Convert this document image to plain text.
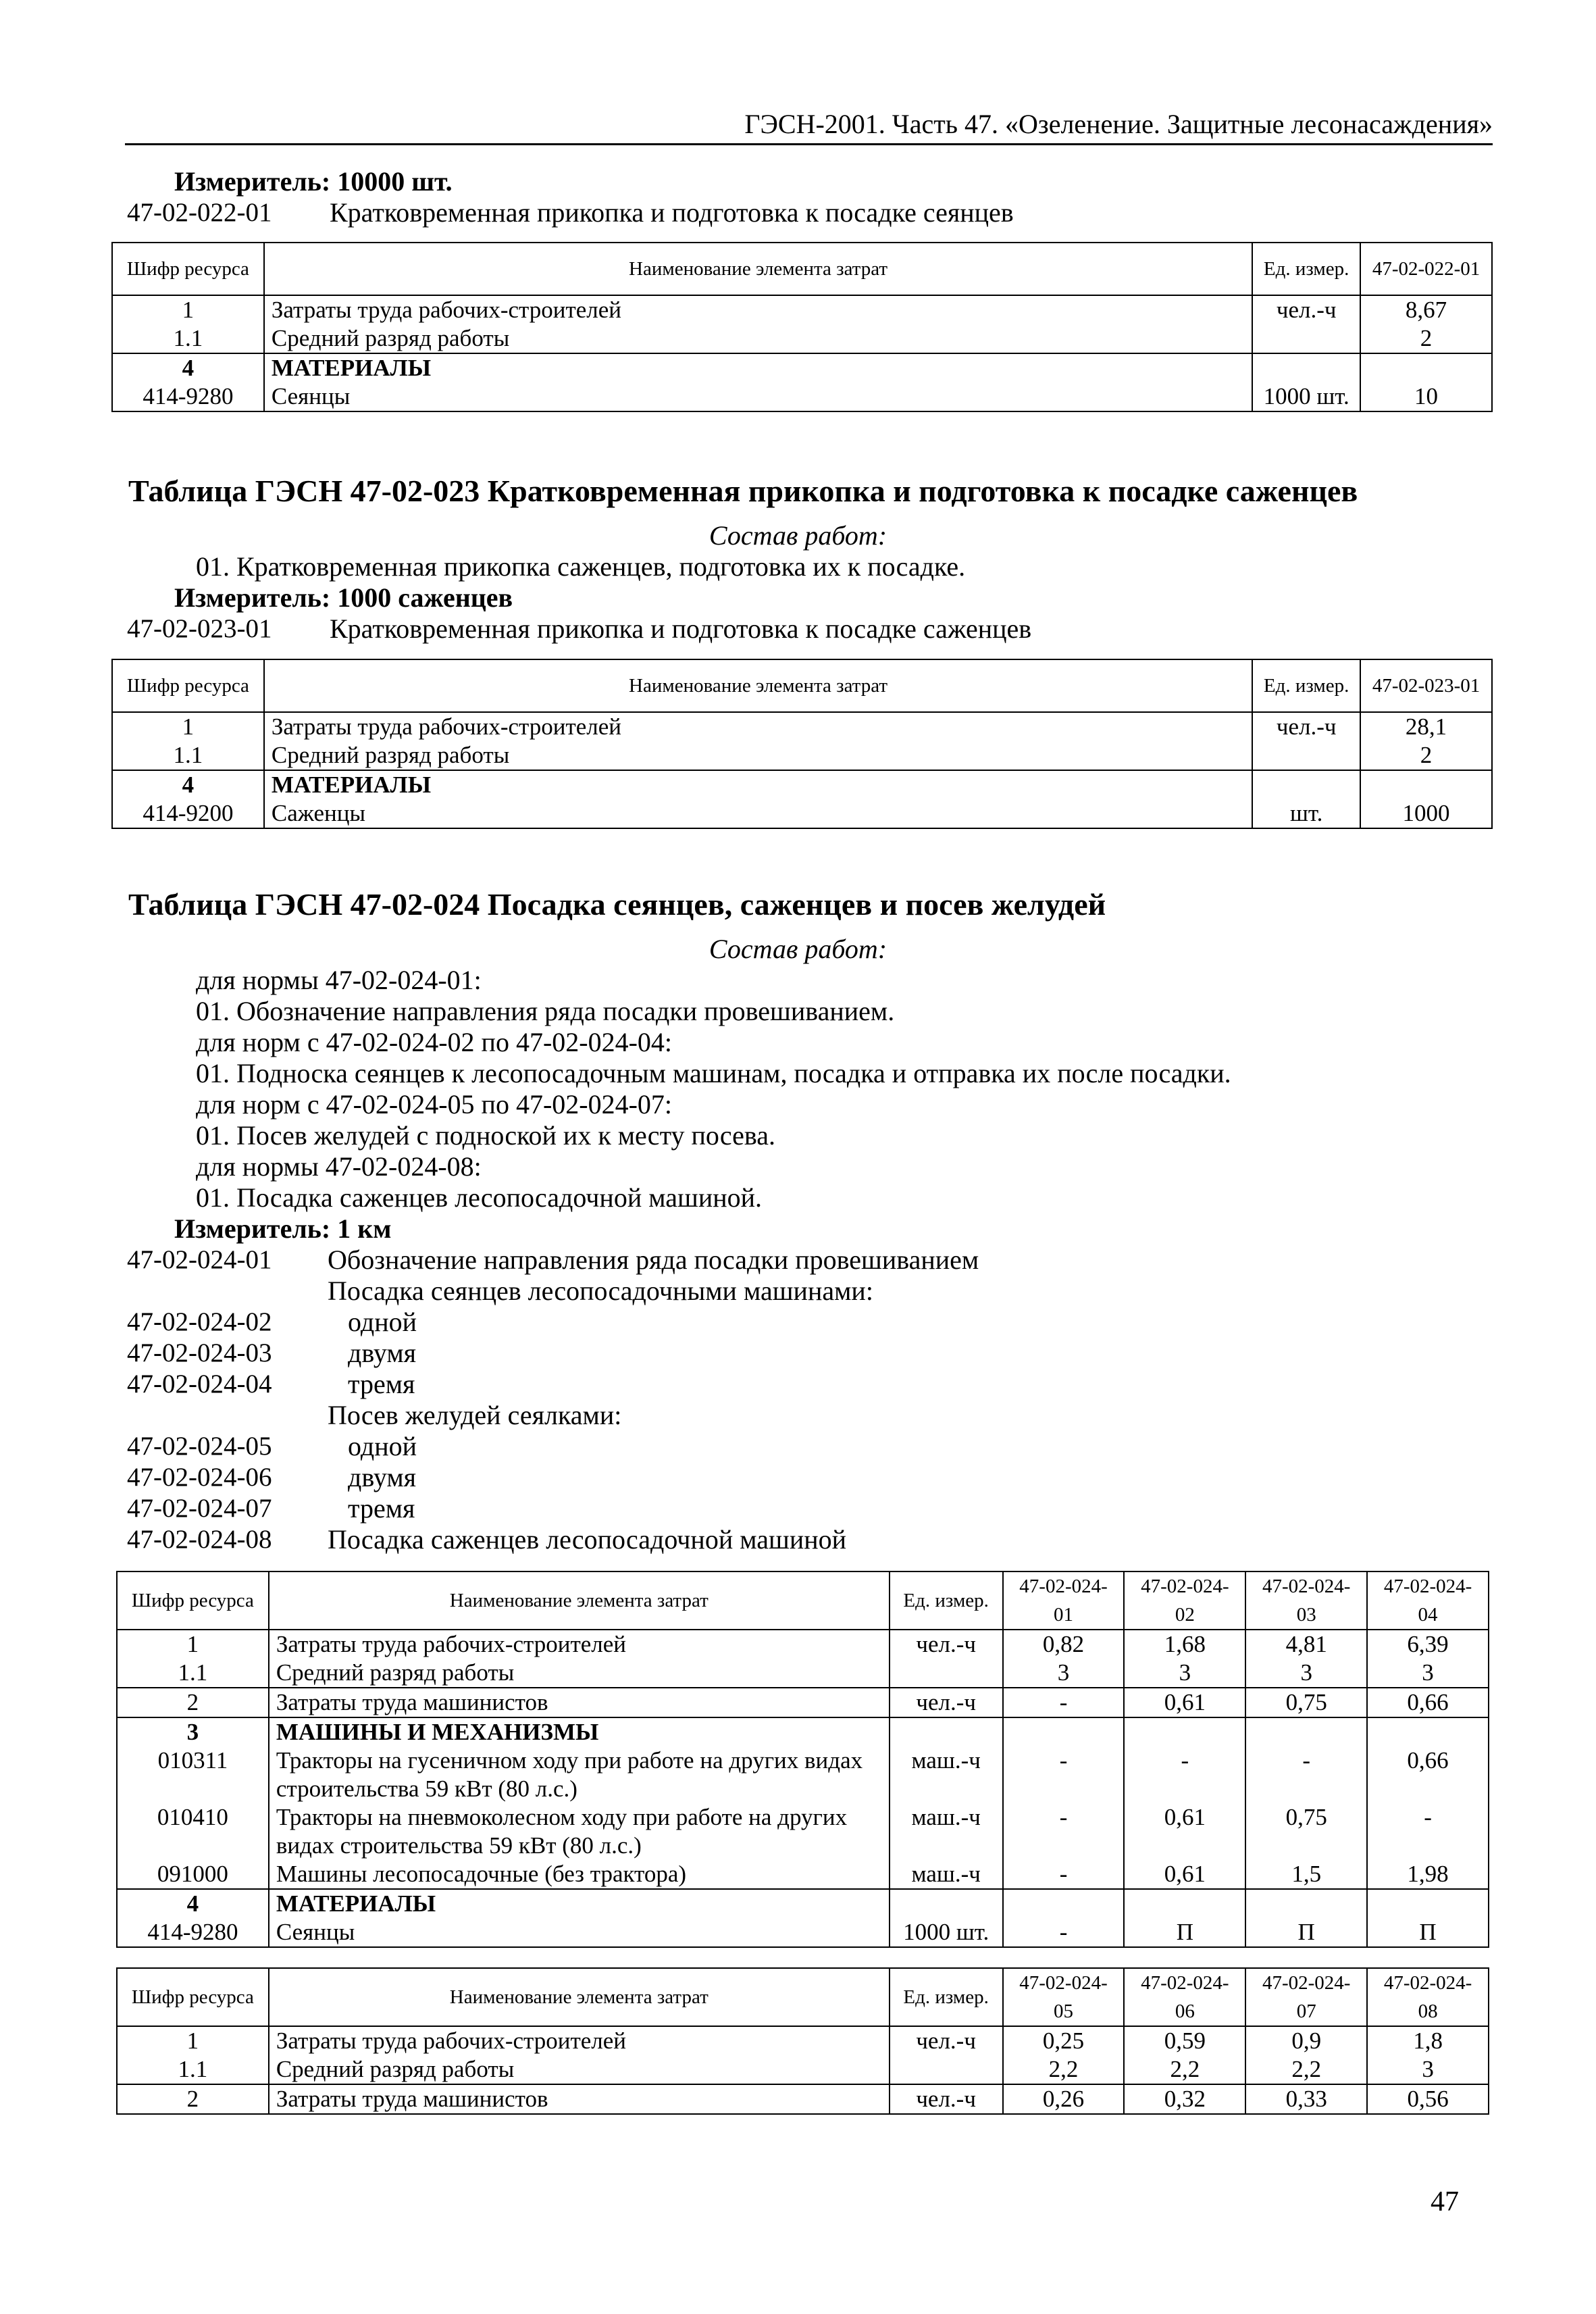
ГЭСН-2001. Часть 47. «Озеленение. Защитные лесонасаждения»
Измеритель: 10000 шт.
47-02-022-01 Кратковременная прикопка и подготовка к посадке сеянцев
Шифр ресурса	Наименование элемента затрат	Ед. измер.	47-02-022-01
1	Затраты труда рабочих-строителей	чел.-ч	8,67
1.1	Средний разряд работы		2
4	МАТЕРИАЛЫ		
414-9280	Сеянцы	1000 шт.	10
Таблица ГЭСН 47-02-023 Кратковременная прикопка и подготовка к посадке саженцев
Состав работ:
01. Кратковременная прикопка саженцев, подготовка их к посадке.
Измеритель: 1000 саженцев
47-02-023-01 Кратковременная прикопка и подготовка к посадке саженцев
Шифр ресурса	Наименование элемента затрат	Ед. измер.	47-02-023-01
1	Затраты труда рабочих-строителей	чел.-ч	28,1
1.1	Средний разряд работы		2
4	МАТЕРИАЛЫ		
414-9200	Саженцы	шт.	1000
Таблица ГЭСН 47-02-024 Посадка сеянцев, саженцев и посев желудей
Состав работ:
для нормы 47-02-024-01:
01. Обозначение направления ряда посадки провешиванием.
для норм с 47-02-024-02 по 47-02-024-04:
01. Подноска сеянцев к лесопосадочным машинам, посадка и отправка их после посадки.
для норм с 47-02-024-05 по 47-02-024-07:
01. Посев желудей с подноской их к месту посева.
для нормы 47-02-024-08:
01. Посадка саженцев лесопосадочной машиной.
Измеритель: 1 км
47-02-024-01 Обозначение направления ряда посадки провешиванием
Посадка сеянцев лесопосадочными машинами:
47-02-024-02	одной
47-02-024-03	двумя
47-02-024-04	тремя
Посев желудей сеялками:
47-02-024-05	одной
47-02-024-06	двумя
47-02-024-07	тремя
47-02-024-08 Посадка саженцев лесопосадочной машиной
Шифр ресурса	Наименование элемента затрат	Ед. измер.	47-02-024-01	47-02-024-02	47-02-024-03	47-02-024-04
1	Затраты труда рабочих-строителей	чел.-ч	0,82	1,68	4,81	6,39
1.1	Средний разряд работы		3	3	3	3
2	Затраты труда машинистов	чел.-ч	-	0,61	0,75	0,66
3	МАШИНЫ И МЕХАНИЗМЫ					
010311	Тракторы на гусеничном ходу при работе на других видах строительства 59 кВт (80 л.с.)	маш.-ч	-	-	-	0,66
010410	Тракторы на пневмоколесном ходу при работе на других видах строительства 59 кВт (80 л.с.)	маш.-ч	-	0,61	0,75	-
091000	Машины лесопосадочные (без трактора)	маш.-ч	-	0,61	1,5	1,98
4	МАТЕРИАЛЫ					
414-9280	Сеянцы	1000 шт.	-	П	П	П
Шифр ресурса	Наименование элемента затрат	Ед. измер.	47-02-024-05	47-02-024-06	47-02-024-07	47-02-024-08
1	Затраты труда рабочих-строителей	чел.-ч	0,25	0,59	0,9	1,8
1.1	Средний разряд работы		2,2	2,2	2,2	3
2	Затраты труда машинистов	чел.-ч	0,26	0,32	0,33	0,56
47
